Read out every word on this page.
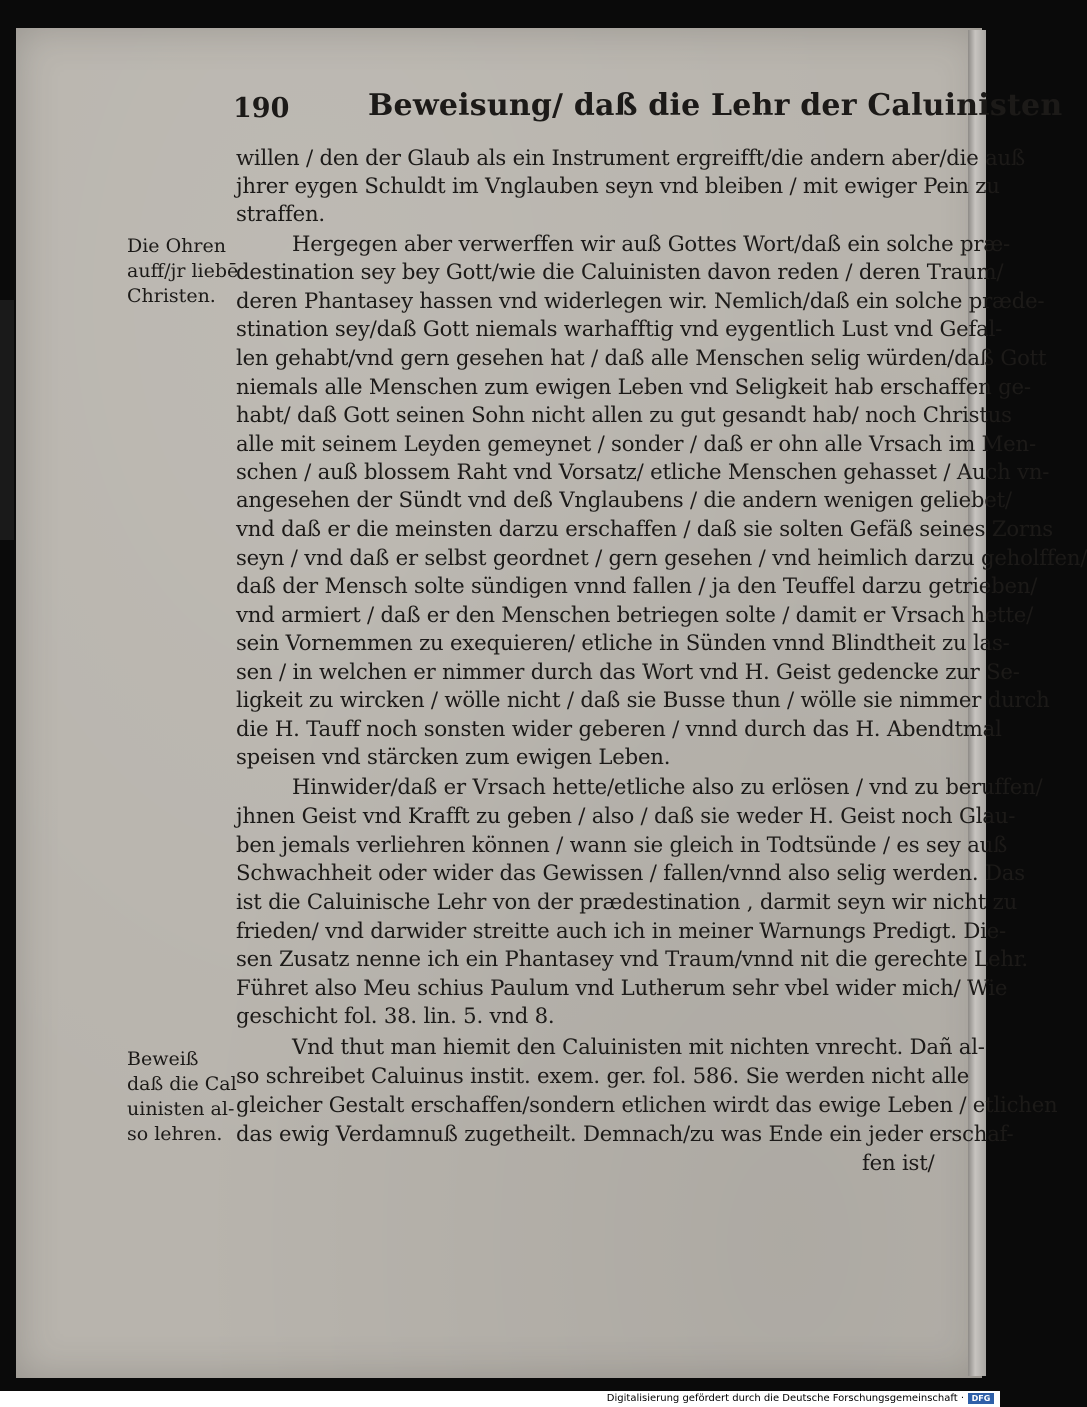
190	Beweisung/ daß die Lehr der Caluinisten
willen / den der Glaub als ein Instrument ergreifft/die andern aber/die auß
jhrer eygen Schuldt im Vnglauben seyn vnd bleiben / mit ewiger Pein zu
straffen.
Hergegen aber verwerffen wir auß Gottes Wort/daß ein solche præ-
destination sey bey Gott/wie die Caluinisten davon reden / deren Traum/
deren Phantasey hassen vnd widerlegen wir. Nemlich/daß ein solche præde-
stination sey/daß Gott niemals warhafftig vnd eygentlich Lust vnd Gefal-
len gehabt/vnd gern gesehen hat / daß alle Menschen selig würden/daß Gott
niemals alle Menschen zum ewigen Leben vnd Seligkeit hab erschaffen ge-
habt/ daß Gott seinen Sohn nicht allen zu gut gesandt hab/ noch Christus
alle mit seinem Leyden gemeynet / sonder / daß er ohn alle Vrsach im Men-
schen / auß blossem Raht vnd Vorsatz/ etliche Menschen gehasset / Auch vn-
angesehen der Sündt vnd deß Vnglaubens / die andern wenigen geliebet/
vnd daß er die meinsten darzu erschaffen / daß sie solten Gefäß seines Zorns
seyn / vnd daß er selbst geordnet / gern gesehen / vnd heimlich darzu geholffen/
daß der Mensch solte sündigen vnnd fallen / ja den Teuffel darzu getrieben/
vnd armiert / daß er den Menschen betriegen solte / damit er Vrsach hette/
sein Vornemmen zu exequieren/ etliche in Sünden vnnd Blindtheit zu las-
sen / in welchen er nimmer durch das Wort vnd H. Geist gedencke zur Se-
ligkeit zu wircken / wölle nicht / daß sie Busse thun / wölle sie nimmer durch
die H. Tauff noch sonsten wider geberen / vnnd durch das H. Abendtmal
speisen vnd stärcken zum ewigen Leben.
Hinwider/daß er Vrsach hette/etliche also zu erlösen / vnd zu beruffen/
jhnen Geist vnd Krafft zu geben / also / daß sie weder H. Geist noch Glau-
ben jemals verliehren können / wann sie gleich in Todtsünde / es sey auß
Schwachheit oder wider das Gewissen / fallen/vnnd also selig werden. Das
ist die Caluinische Lehr von der prædestination , darmit seyn wir nicht zu
frieden/ vnd darwider streitte auch ich in meiner Warnungs Predigt. Die-
sen Zusatz nenne ich ein Phantasey vnd Traum/vnnd nit die gerechte Lehr.
Führet also Meu schius Paulum vnd Lutherum sehr vbel wider mich/ Wie
geschicht fol. 38. lin. 5. vnd 8.
Vnd thut man hiemit den Caluinisten mit nichten vnrecht. Dañ al-
so schreibet Caluinus instit. exem. ger. fol. 586. Sie werden nicht alle
gleicher Gestalt erschaffen/sondern etlichen wirdt das ewige Leben / etlichen
das ewig Verdamnuß zugetheilt. Demnach/zu was Ende ein jeder erschaf-
fen ist/
Die Ohren
auff/jr liebē
Christen.
Beweiß
daß die Cal
uinisten al-
so lehren.
Digitalisierung gefördert durch die Deutsche Forschungsgemeinschaft · DFG
